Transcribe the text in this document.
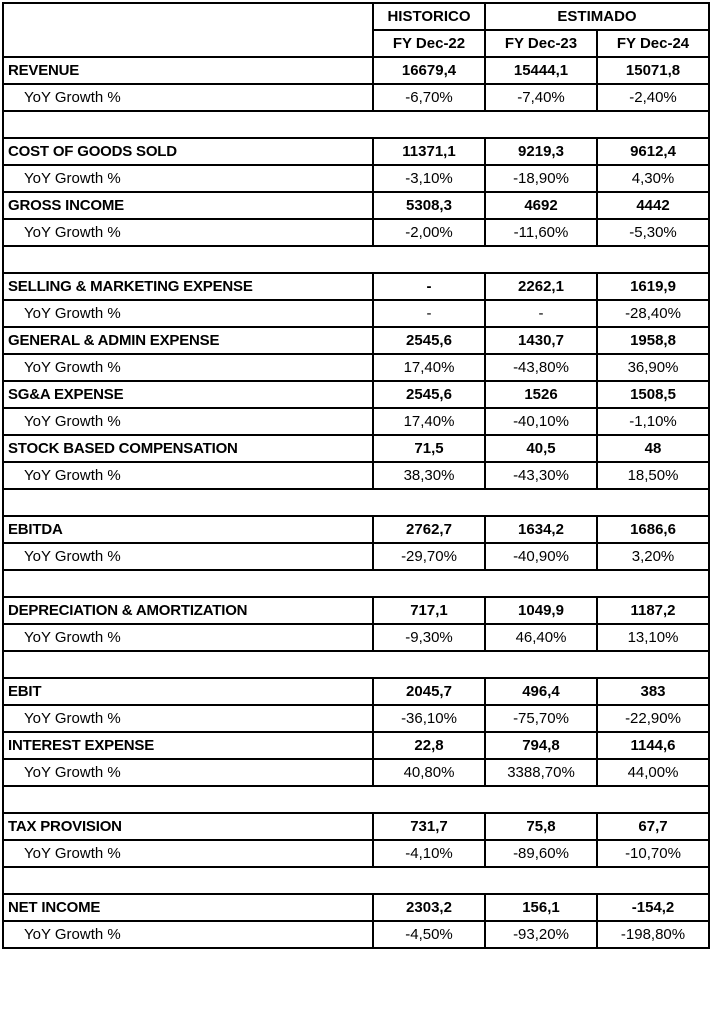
	HISTORICO	ESTIMADO	
	FY Dec-22	FY Dec-23	FY Dec-24
REVENUE	16679,4	15444,1	15071,8
YoY Growth %	-6,70%	-7,40%	-2,40%

COST OF GOODS SOLD	11371,1	9219,3	9612,4
YoY Growth %	-3,10%	-18,90%	4,30%
GROSS INCOME	5308,3	4692	4442
YoY Growth %	-2,00%	-11,60%	-5,30%

SELLING & MARKETING EXPENSE	-	2262,1	1619,9
YoY Growth %	-	-	-28,40%
GENERAL & ADMIN EXPENSE	2545,6	1430,7	1958,8
YoY Growth %	17,40%	-43,80%	36,90%
SG&A EXPENSE	2545,6	1526	1508,5
YoY Growth %	17,40%	-40,10%	-1,10%
STOCK BASED COMPENSATION	71,5	40,5	48
YoY Growth %	38,30%	-43,30%	18,50%

EBITDA	2762,7	1634,2	1686,6
YoY Growth %	-29,70%	-40,90%	3,20%

DEPRECIATION & AMORTIZATION	717,1	1049,9	1187,2
YoY Growth %	-9,30%	46,40%	13,10%

EBIT	2045,7	496,4	383
YoY Growth %	-36,10%	-75,70%	-22,90%
INTEREST EXPENSE	22,8	794,8	1144,6
YoY Growth %	40,80%	3388,70%	44,00%

TAX PROVISION	731,7	75,8	67,7
YoY Growth %	-4,10%	-89,60%	-10,70%

NET INCOME	2303,2	156,1	-154,2
YoY Growth %	-4,50%	-93,20%	-198,80%
